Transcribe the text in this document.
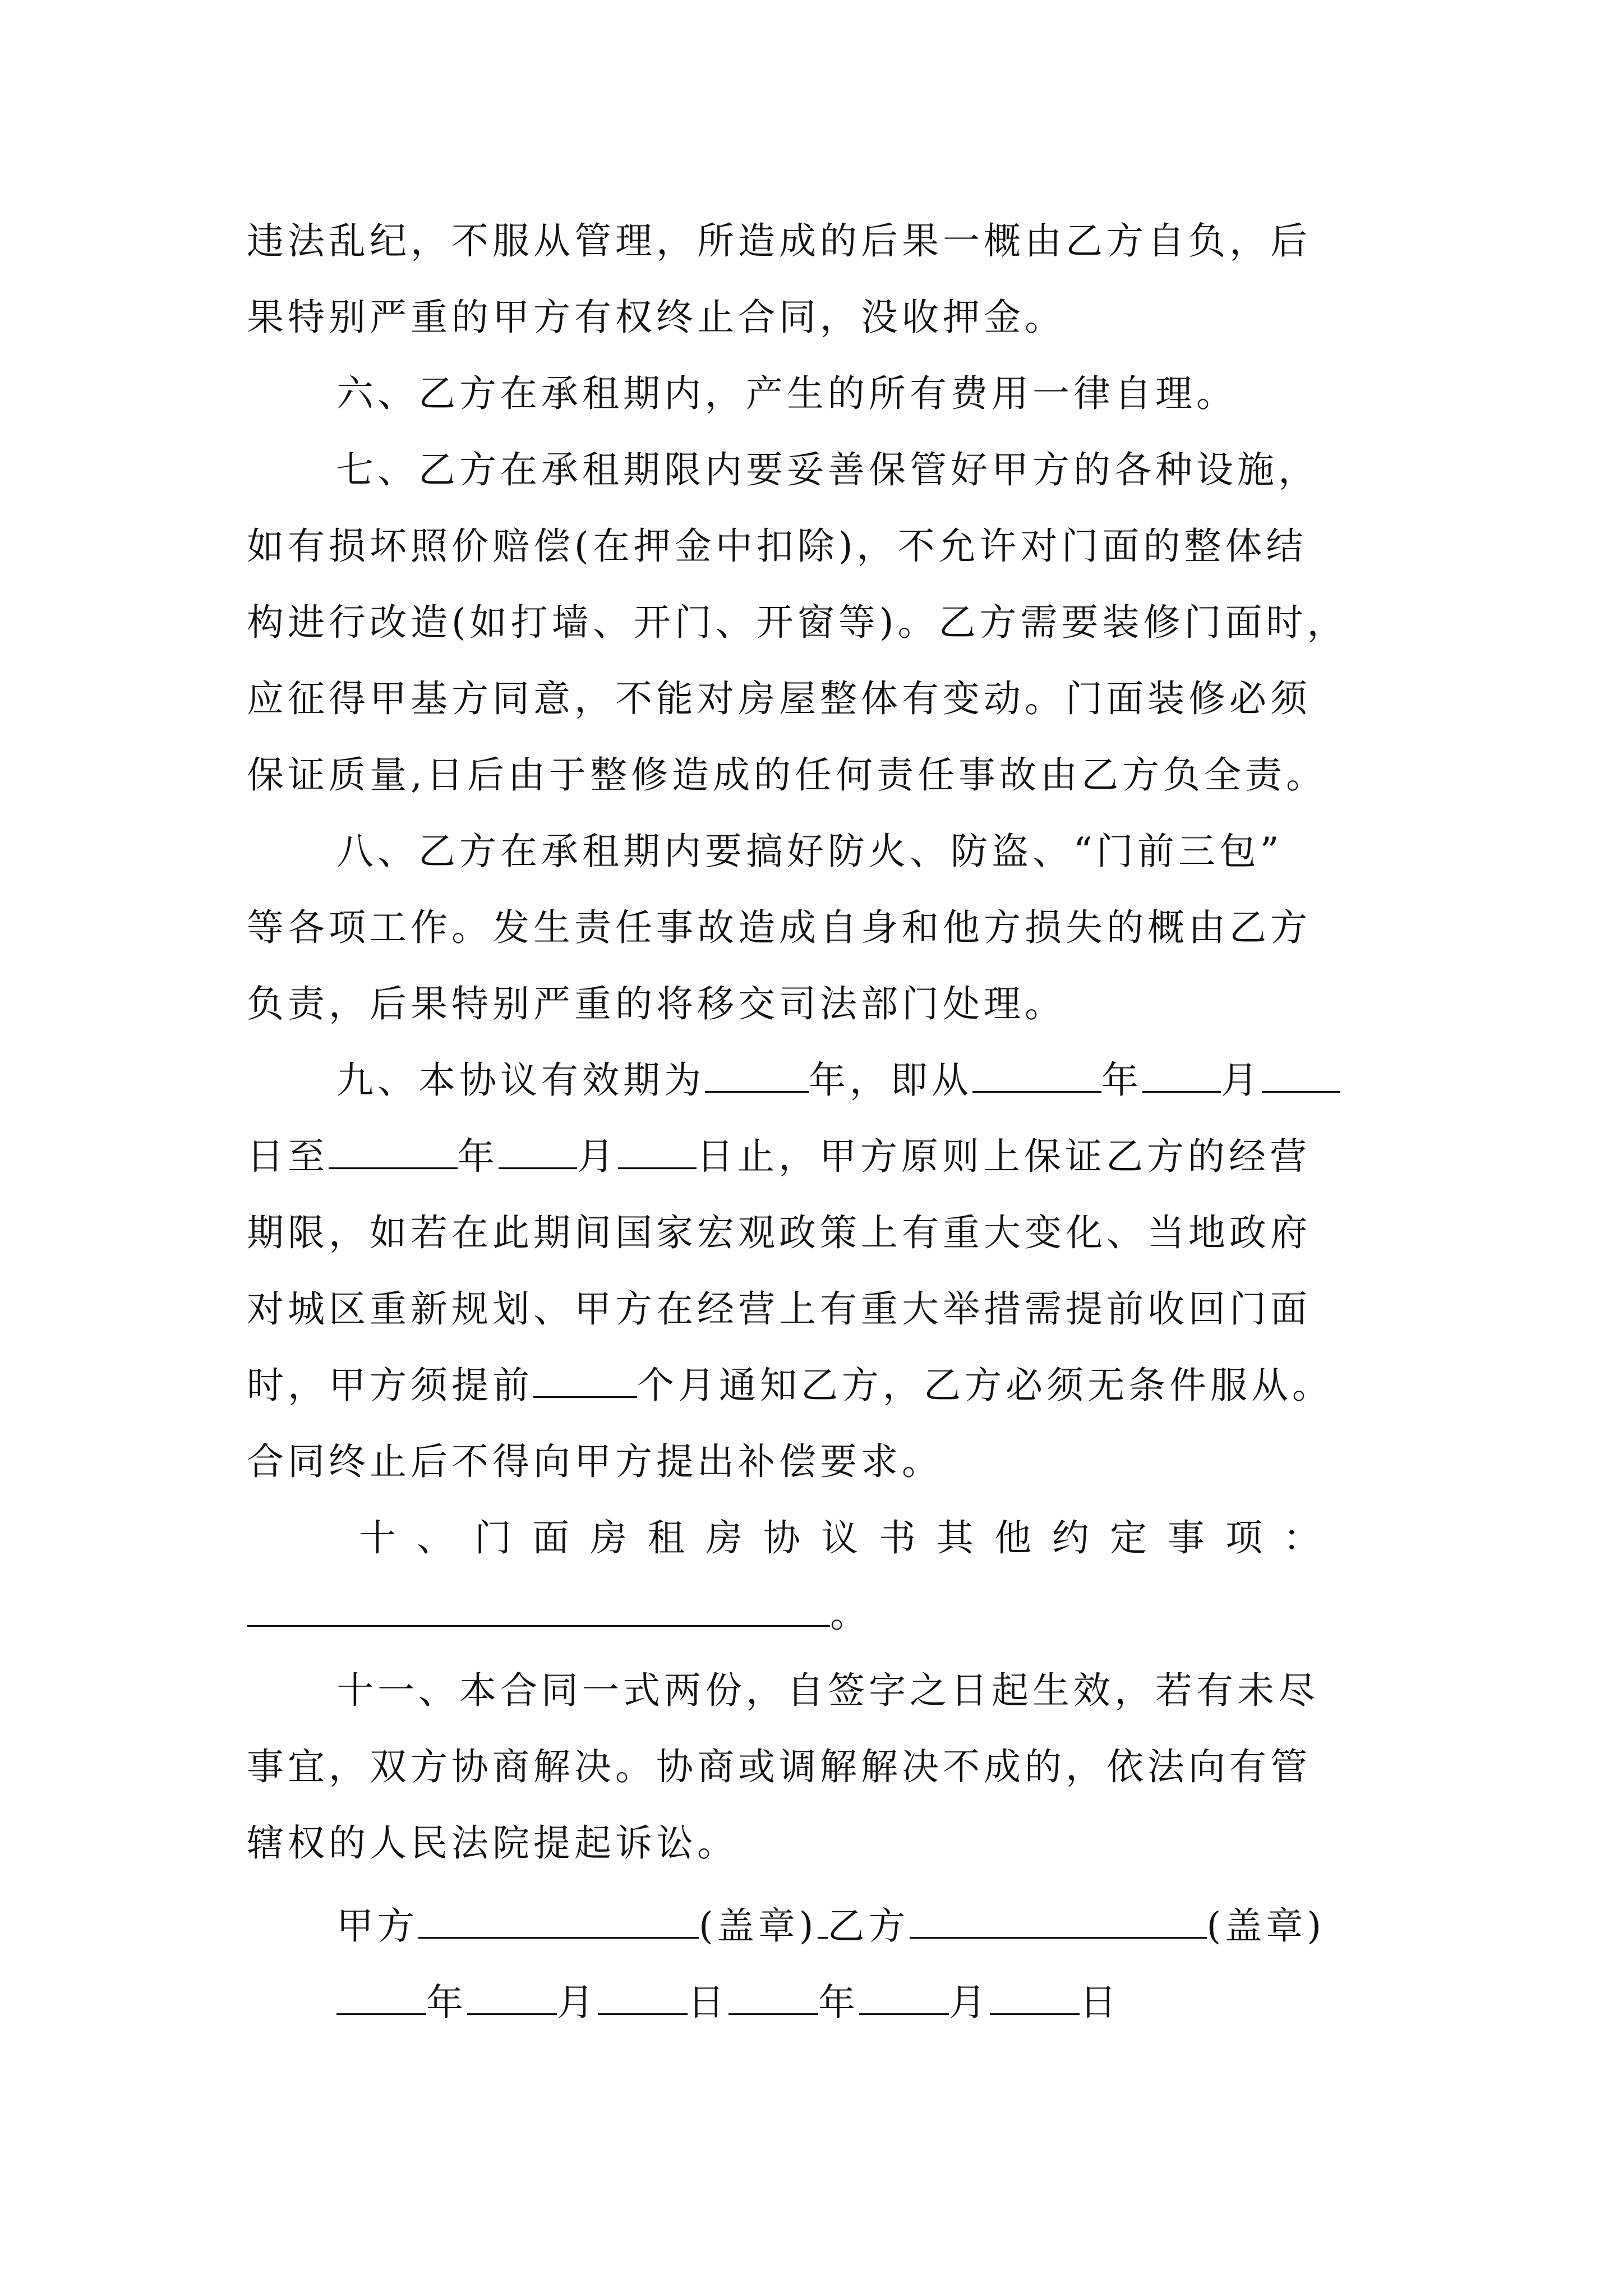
违法乱纪，不服从管理，所造成的后果一概由乙方自负，后
果特别严重的甲方有权终止合同，没收押金。
六、乙方在承租期内，产生的所有费用一律自理。
七、乙方在承租期限内要妥善保管好甲方的各种设施，
如有损坏照价赔偿(在押金中扣除)，不允许对门面的整体结
构进行改造(如打墙、开门、开窗等)。乙方需要装修门面时，
应征得甲基方同意，不能对房屋整体有变动。门面装修必须
保证质量,日后由于整修造成的任何责任事故由乙方负全责。
八、乙方在承租期内要搞好防火、防盗、“门前三包”
等各项工作。发生责任事故造成自身和他方损失的概由乙方
负责，后果特别严重的将移交司法部门处理。
九、本协议有效期为	年，即从	年 月
日至	年 月 日止，甲方原则上保证乙方的经营
期限，如若在此期间国家宏观政策上有重大变化、当地政府
对城区重新规划、甲方在经营上有重大举措需提前收回门面
时，甲方须提前	个月通知乙方，乙方必须无条件服从。
合同终止后不得向甲方提出补偿要求。
十、门面房租房协议书其他约定事项：
。
十一、本合同一式两份，自签字之日起生效，若有未尽
事宜，双方协商解决。协商或调解解决不成的，依法向有管
辖权的人民法院提起诉讼。
甲方	(盖章) 乙方	(盖章)
年 月 日 年 月 日
